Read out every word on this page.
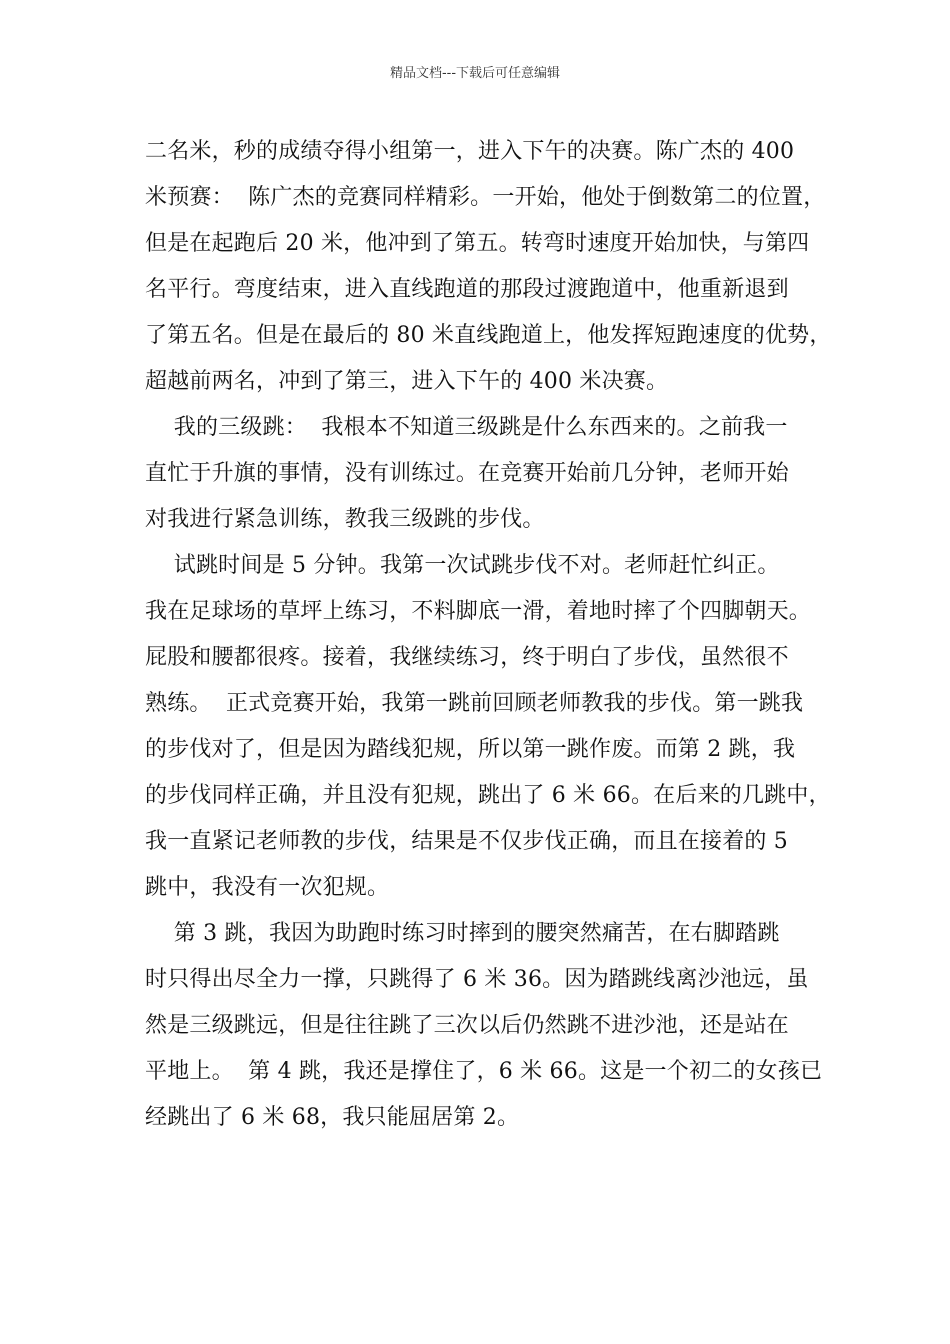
精品文档---下载后可任意编辑
二名米，秒的成绩夺得小组第一，进入下午的决赛。陈广杰的 400
米预赛：  陈广杰的竞赛同样精彩。一开始，他处于倒数第二的位置，
但是在起跑后 20 米，他冲到了第五。转弯时速度开始加快，与第四
名平行。弯度结束，进入直线跑道的那段过渡跑道中，他重新退到
了第五名。但是在最后的 80 米直线跑道上，他发挥短跑速度的优势，
超越前两名，冲到了第三，进入下午的 400 米决赛。
我的三级跳：  我根本不知道三级跳是什么东西来的。之前我一
直忙于升旗的事情，没有训练过。在竞赛开始前几分钟，老师开始
对我进行紧急训练，教我三级跳的步伐。
试跳时间是 5 分钟。我第一次试跳步伐不对。老师赶忙纠正。
我在足球场的草坪上练习，不料脚底一滑，着地时摔了个四脚朝天。
屁股和腰都很疼。接着，我继续练习，终于明白了步伐，虽然很不
熟练。  正式竞赛开始，我第一跳前回顾老师教我的步伐。第一跳我
的步伐对了，但是因为踏线犯规，所以第一跳作废。而第 2 跳，我
的步伐同样正确，并且没有犯规，跳出了 6 米 66。在后来的几跳中，
我一直紧记老师教的步伐，结果是不仅步伐正确，而且在接着的 5
跳中，我没有一次犯规。
第 3 跳，我因为助跑时练习时摔到的腰突然痛苦，在右脚踏跳
时只得出尽全力一撑，只跳得了 6 米 36。因为踏跳线离沙池远，虽
然是三级跳远，但是往往跳了三次以后仍然跳不进沙池，还是站在
平地上。  第 4 跳，我还是撑住了，6 米 66。这是一个初二的女孩已
经跳出了 6 米 68，我只能屈居第 2。
